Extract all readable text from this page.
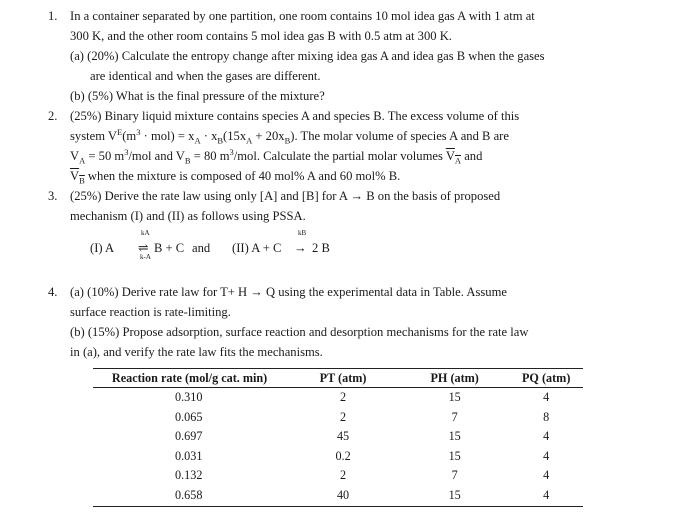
1. In a container separated by one partition, one room contains 10 mol idea gas A with 1 atm at
300 K, and the other room contains 5 mol idea gas B with 0.5 atm at 300 K.
(a) (20%) Calculate the entropy change after mixing idea gas A and idea gas B when the gases
are identical and when the gases are different.
(b) (5%) What is the final pressure of the mixture?
2. (25%) Binary liquid mixture contains species A and species B. The excess volume of this
system $V^E(m^3 \cdot mol) = x_A \cdot x_B(15x_A + 20x_B)$. The molar volume of species A and B are
$V_A = 50$ $m^3$/mol and $V_B = 80$ $m^3$/mol. Calculate the partial molar volumes $\overline{V}_{\overline{A}}$ and
$\overline{V}_{\overline{B}}$ when the mixture is composed of 40 mol% A and 60 mol% B.
3. (25%) Derive the rate law using only [A] and [B] for A → B on the basis of proposed
mechanism (I) and (II) as follows using PSSA.
(I) A
kA
⇌
k-A
B + C and (II) A + C
kB
→ 2 B
4. (a) (10%) Derive rate law for T+ H → Q using the experimental data in Table. Assume
surface reaction is rate-limiting.
(b) (15%) Propose adsorption, surface reaction and desorption mechanisms for the rate law
in (a), and verify the rate law fits the mechanisms.
Reaction rate (mol/g cat. min)	PT (atm)	PH (atm)	PQ (atm)
0.310	2	15	4
0.065	2	7	8
0.697	45	15	4
0.031	0.2	15	4
0.132	2	7	4
0.658	40	15	4
